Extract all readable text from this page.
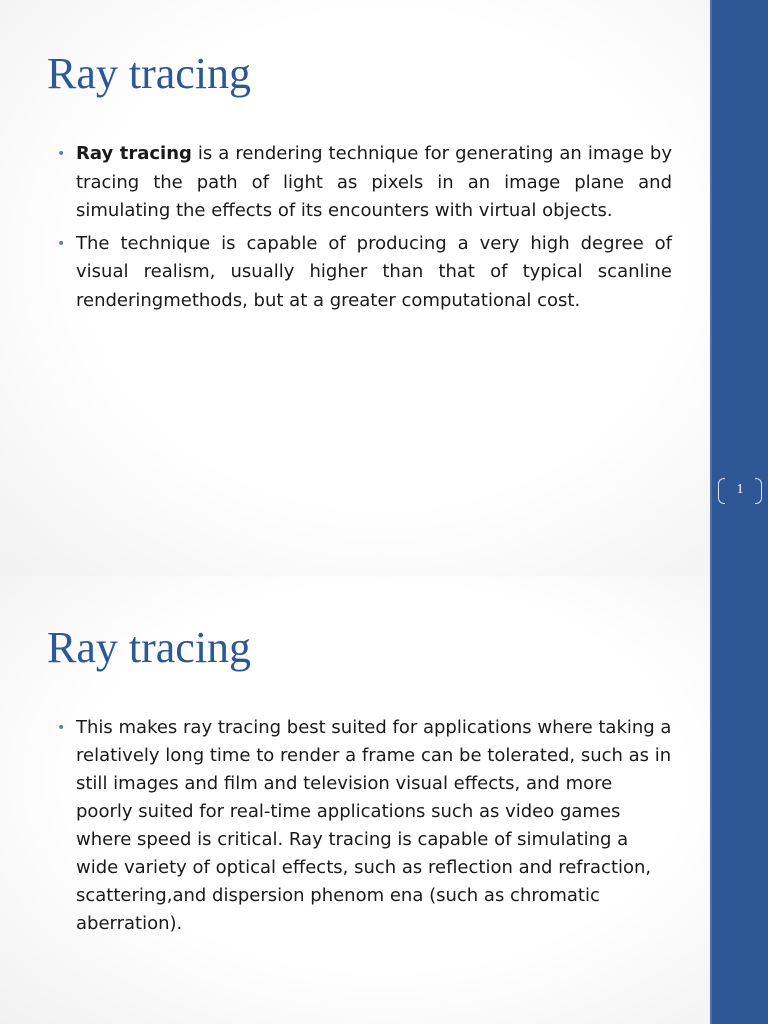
1
Ray tracing
• Ray tracing is a rendering technique for generating an image by tracing the path of light as pixels in an image plane and simulating the effects of its encounters with virtual objects.
• The technique is capable of producing a very high degree of visual realism, usually higher than that of typical scanline renderingmethods, but at a greater computational cost.
Ray tracing
• This makes ray tracing best suited for applications where taking a relatively long time to render a frame can be tolerated, such as in still images and film and television visual effects, and more poorly suited for real-time applications such as video games where speed is critical. Ray tracing is capable of simulating a wide variety of optical effects, such as reflection and refraction, scattering,and dispersion phenom ena (such as chromatic aberration).
